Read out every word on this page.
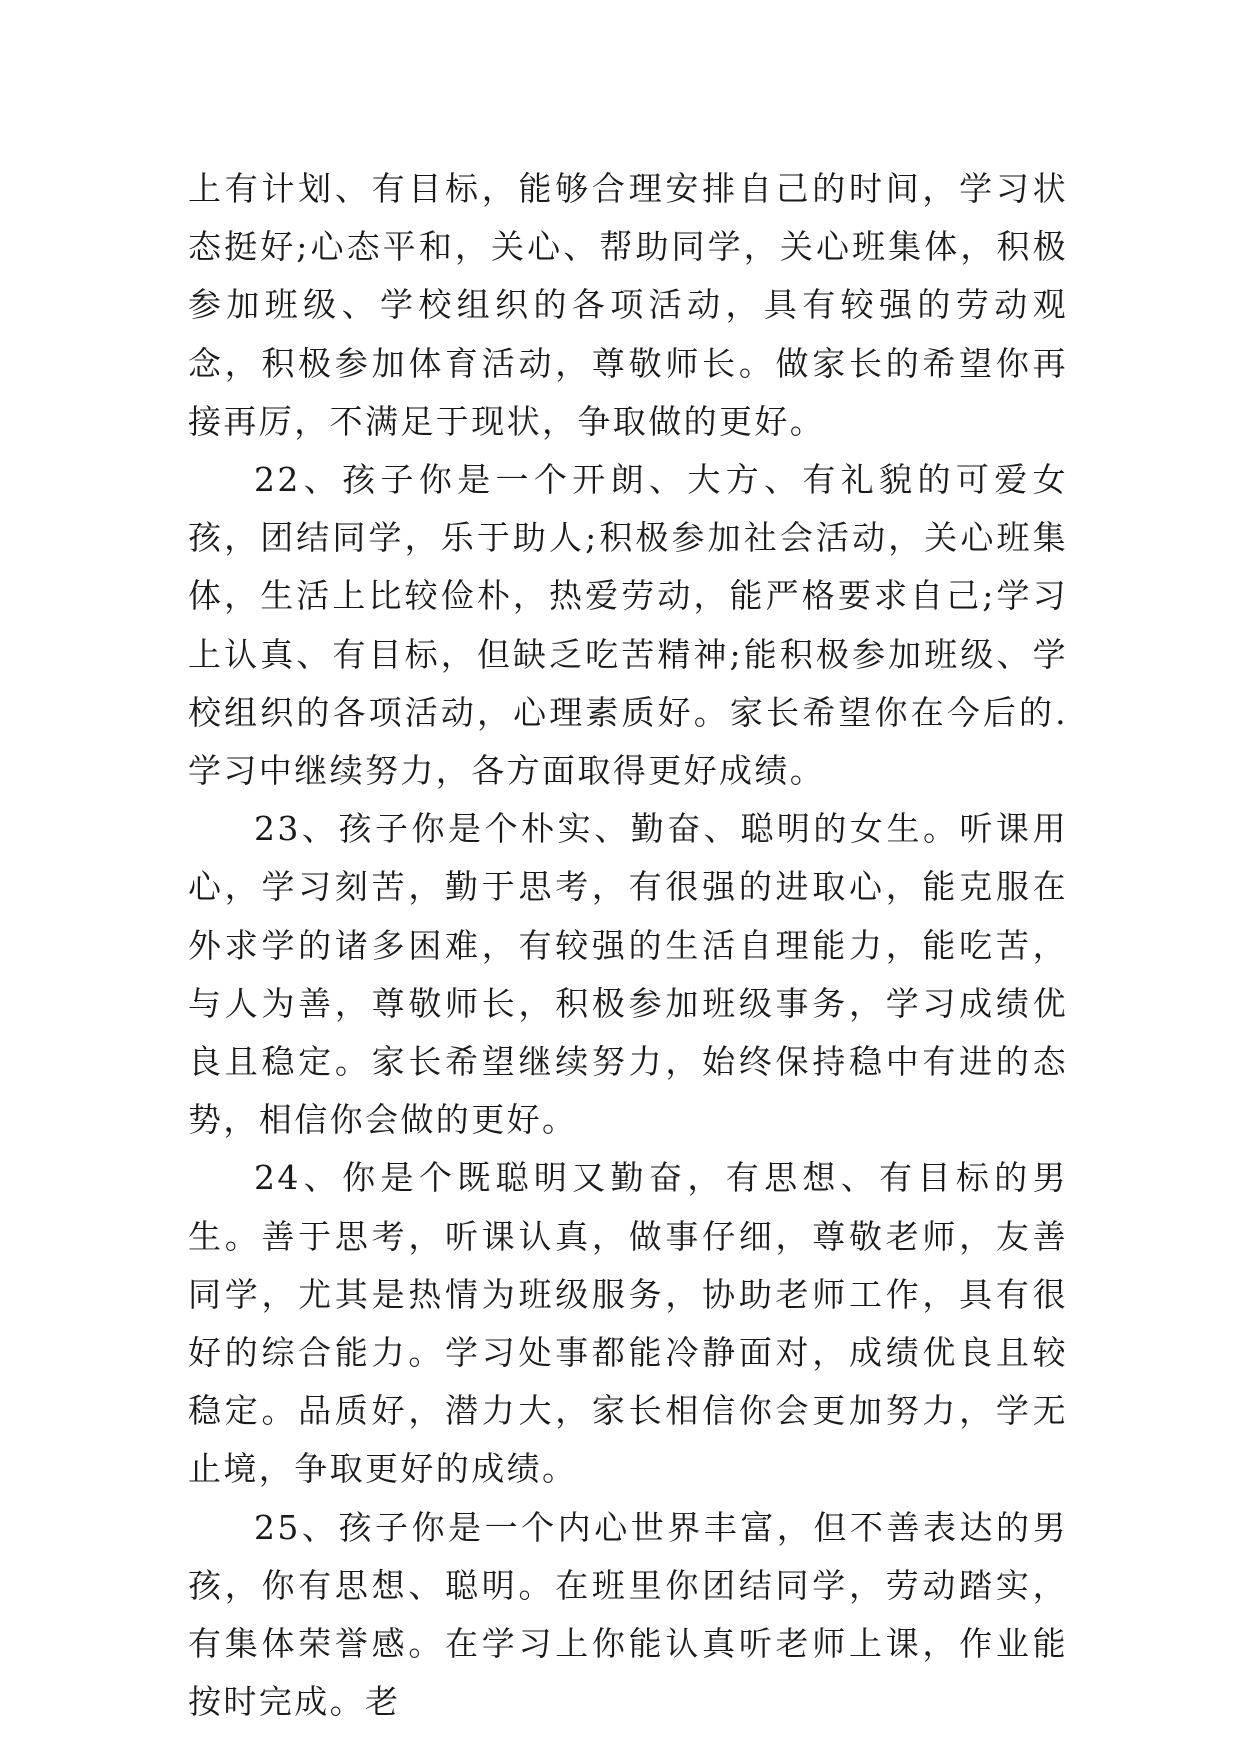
上有计划、有目标，能够合理安排自己的时间，学习状态挺好;心态平和，关心、帮助同学，关心班集体，积极参加班级、学校组织的各项活动，具有较强的劳动观念，积极参加体育活动，尊敬师长。做家长的希望你再接再厉，不满足于现状，争取做的更好。

22、孩子你是一个开朗、大方、有礼貌的可爱女孩，团结同学，乐于助人;积极参加社会活动，关心班集体，生活上比较俭朴，热爱劳动，能严格要求自己;学习上认真、有目标，但缺乏吃苦精神;能积极参加班级、学校组织的各项活动，心理素质好。家长希望你在今后的.学习中继续努力，各方面取得更好成绩。

23、孩子你是个朴实、勤奋、聪明的女生。听课用心，学习刻苦，勤于思考，有很强的进取心，能克服在外求学的诸多困难，有较强的生活自理能力，能吃苦，与人为善，尊敬师长，积极参加班级事务，学习成绩优良且稳定。家长希望继续努力，始终保持稳中有进的态势，相信你会做的更好。

24、你是个既聪明又勤奋，有思想、有目标的男生。善于思考，听课认真，做事仔细，尊敬老师，友善同学，尤其是热情为班级服务，协助老师工作，具有很好的综合能力。学习处事都能冷静面对，成绩优良且较稳定。品质好，潜力大，家长相信你会更加努力，学无止境，争取更好的成绩。

25、孩子你是一个内心世界丰富，但不善表达的男孩，你有思想、聪明。在班里你团结同学，劳动踏实，有集体荣誉感。在学习上你能认真听老师上课，作业能按时完成。老
